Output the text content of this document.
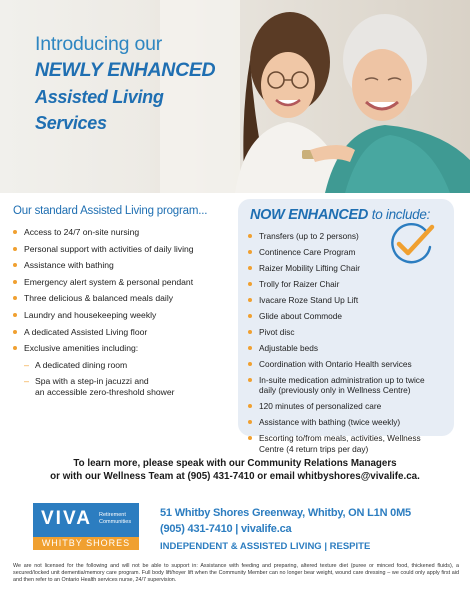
Introducing our
NEWLY ENHANCED
Assisted Living
Services
Our standard Assisted Living program...
Access to 24/7 on-site nursing
Personal support with activities of daily living
Assistance with bathing
Emergency alert system & personal pendant
Three delicious & balanced meals daily
Laundry and housekeeping weekly
A dedicated Assisted Living floor
Exclusive amenities including:
– A dedicated dining room
– Spa with a step-in jacuzzi and
an accessible zero-threshold shower
NOW ENHANCED to include:
Transfers (up to 2 persons)
Continence Care Program
Raizer Mobility Lifting Chair
Trolly for Raizer Chair
Ivacare Roze Stand Up Lift
Glide about Commode
Pivot disc
Adjustable beds
Coordination with Ontario Health services
In-suite medication administration up to twice daily (previously only in Wellness Centre)
120 minutes of personalized care
Assistance with bathing (twice weekly)
Escorting to/from meals, activities, Wellness Centre (4 return trips per day)
To learn more, please speak with our Community Relations Managers
or with our Wellness Team at (905) 431-7410 or email whitbyshores@vivalife.ca.
VIVA Retirement Communities
WHITBY SHORES
51 Whitby Shores Greenway, Whitby, ON L1N 0M5
(905) 431-7410 | vivalife.ca
INDEPENDENT & ASSISTED LIVING | RESPITE
We are not licensed for the following and will not be able to support in: Assistance with feeding and preparing, altered texture diet (puree or minced food, thickened fluids), a secured/locked unit dementia/memory care program. Full body lift/hoyer lift when the Community Member can no longer bear weight, wound care dressing – we could only apply first aid and then refer to an Ontario Health services nurse, 24/7 supervision.
